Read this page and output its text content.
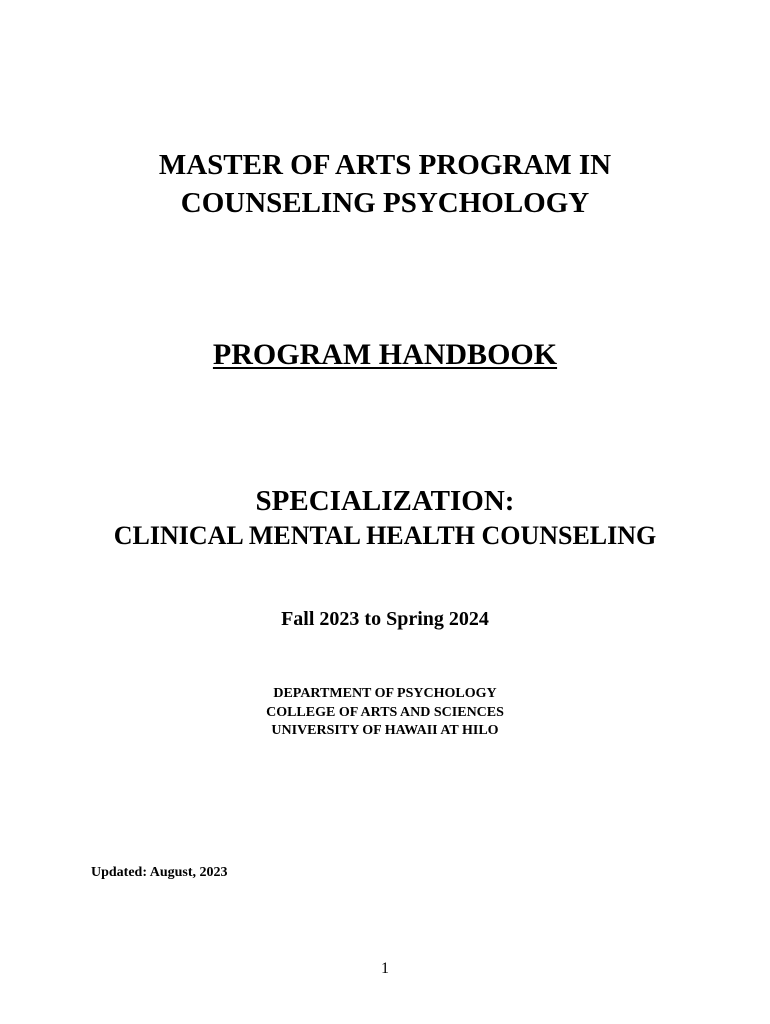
MASTER OF ARTS PROGRAM IN

COUNSELING PSYCHOLOGY

PROGRAM HANDBOOK

SPECIALIZATION:

CLINICAL MENTAL HEALTH COUNSELING

Fall 2023 to Spring 2024

DEPARTMENT OF PSYCHOLOGY

COLLEGE OF ARTS AND SCIENCES

UNIVERSITY OF HAWAII AT HILO

Updated: August, 2023

1
